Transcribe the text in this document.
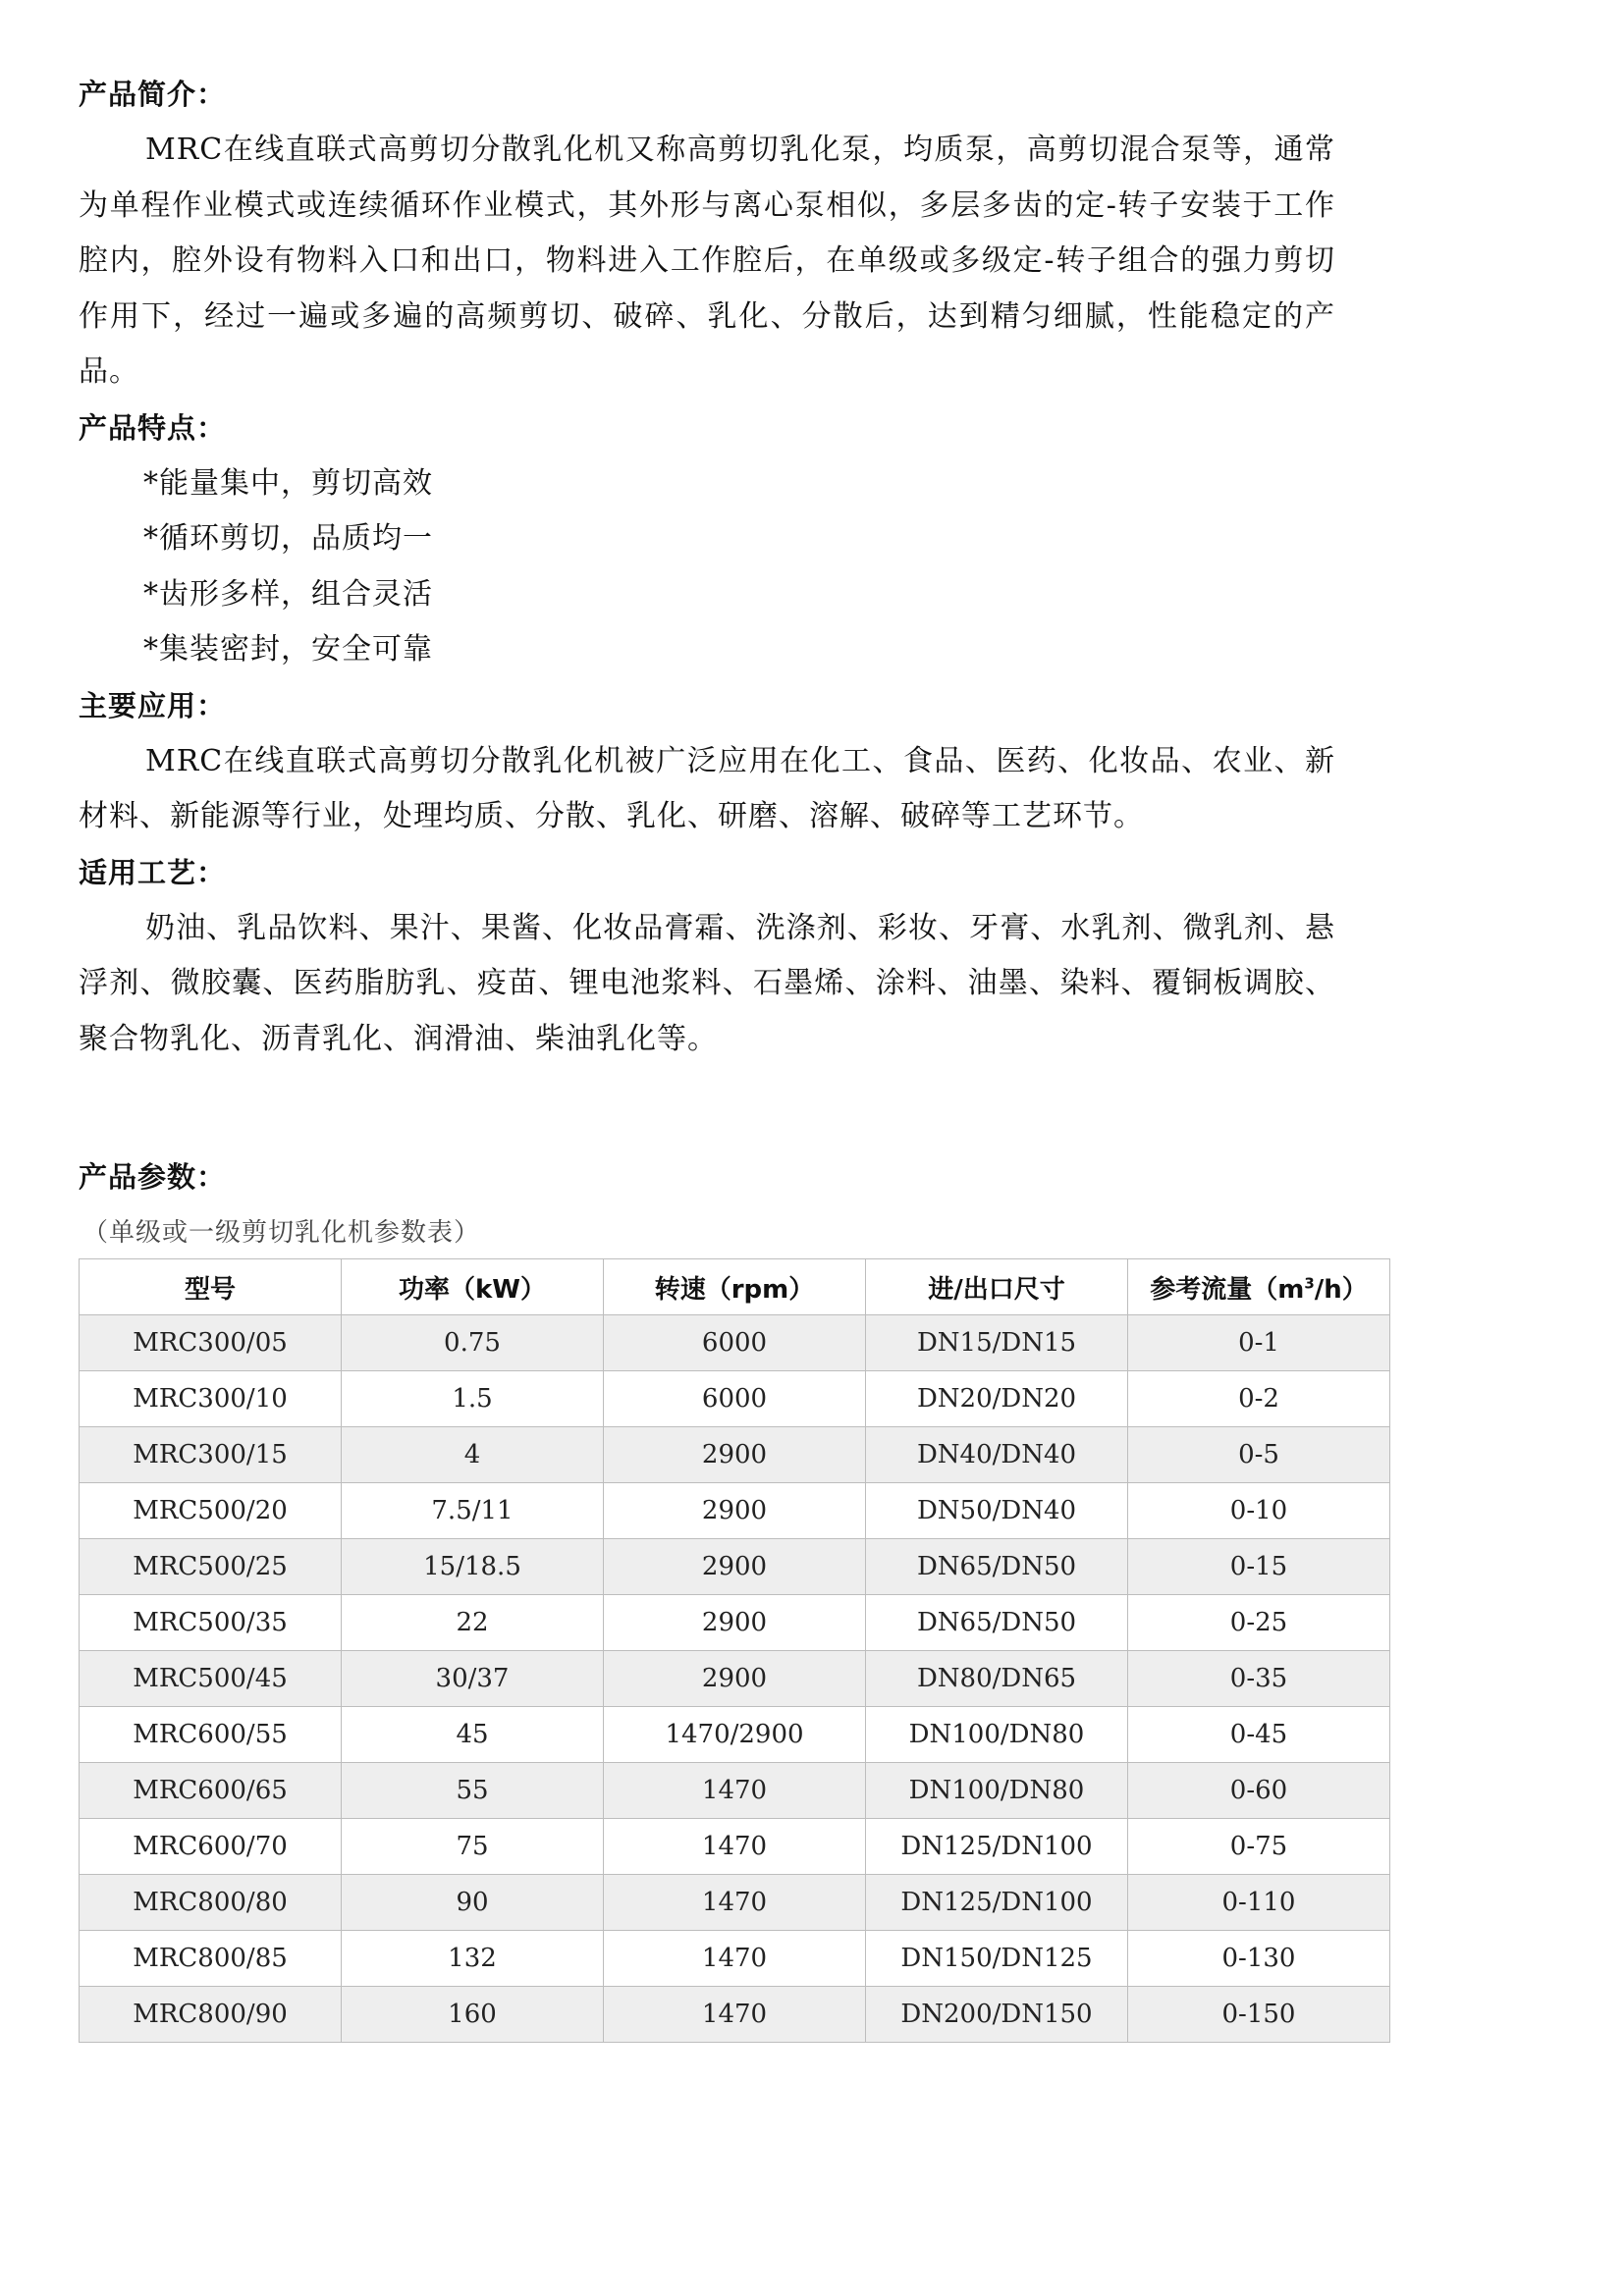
产品简介：

MRC在线直联式高剪切分散乳化机又称高剪切乳化泵，均质泵，高剪切混合泵等，通常为单程作业模式或连续循环作业模式，其外形与离心泵相似，多层多齿的定-转子安装于工作腔内，腔外设有物料入口和出口，物料进入工作腔后，在单级或多级定-转子组合的强力剪切作用下，经过一遍或多遍的高频剪切、破碎、乳化、分散后，达到精匀细腻，性能稳定的产品。

产品特点：
*能量集中，剪切高效
*循环剪切，品质均一
*齿形多样，组合灵活
*集装密封，安全可靠
主要应用：

MRC在线直联式高剪切分散乳化机被广泛应用在化工、食品、医药、化妆品、农业、新材料、新能源等行业，处理均质、分散、乳化、研磨、溶解、破碎等工艺环节。

适用工艺：

奶油、乳品饮料、果汁、果酱、化妆品膏霜、洗涤剂、彩妆、牙膏、水乳剂、微乳剂、悬浮剂、微胶囊、医药脂肪乳、疫苗、锂电池浆料、石墨烯、涂料、油墨、染料、覆铜板调胶、聚合物乳化、沥青乳化、润滑油、柴油乳化等。

产品参数：
（单级或一级剪切乳化机参数表）
型号	功率（kW）	转速（rpm）	进/出口尺寸	参考流量$(m^3/h)$
MRC300/05	0.75	6000	DN15/DN15	0-1
MRC300/10	1.5	6000	DN20/DN20	0-2
MRC300/15	4	2900	DN40/DN40	0-5
MRC500/20	7.5/11	2900	DN50/DN40	0-10
MRC500/25	15/18.5	2900	DN65/DN50	0-15
MRC500/35	22	2900	DN65/DN50	0-25
MRC500/45	30/37	2900	DN80/DN65	0-35
MRC600/55	45	1470/2900	DN100/DN80	0-45
MRC600/65	55	1470	DN100/DN80	0-60
MRC600/70	75	1470	DN125/DN100	0-75
MRC800/80	90	1470	DN125/DN100	0-110
MRC800/85	132	1470	DN150/DN125	0-130
MRC800/90	160	1470	DN200/DN150	0-150
